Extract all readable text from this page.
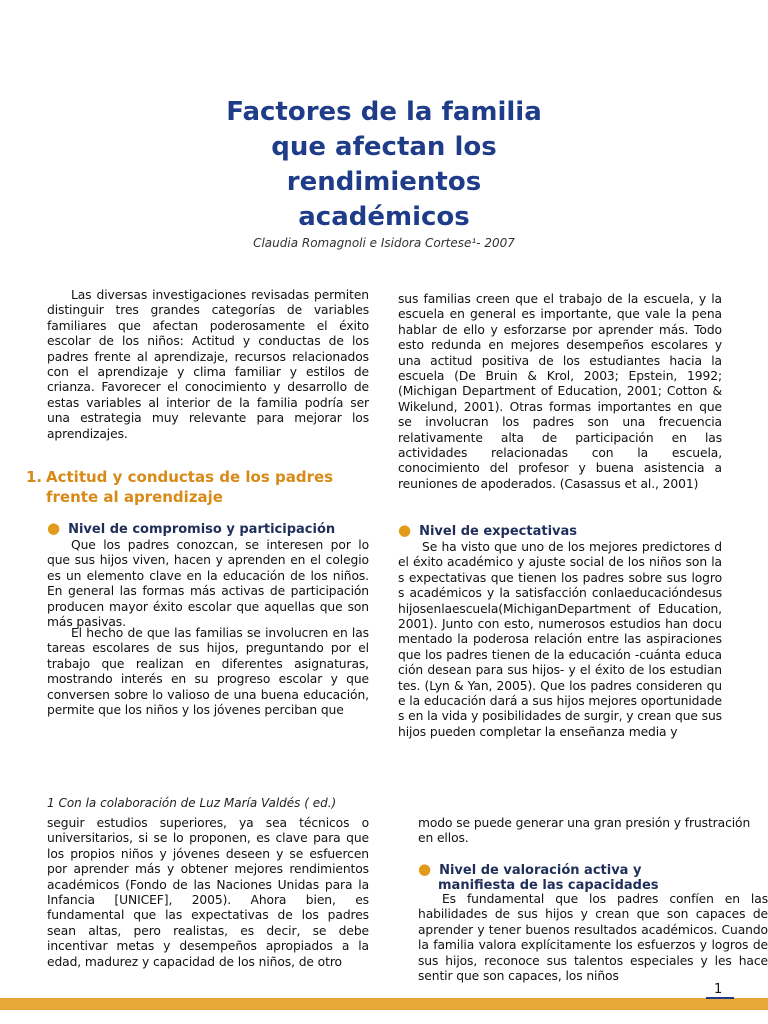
Factores de la familia
que afectan los
rendimientos
académicos
Claudia Romagnoli e Isidora Cortese¹- 2007
Las diversas investigaciones revisadas permiten distinguir tres grandes categorías de variables familiares que afectan poderosamente el éxito escolar de los niños: Actitud y conductas de los padres frente al aprendizaje, recursos relacionados con el aprendizaje y clima familiar y estilos de crianza. Favorecer el conocimiento y desarrollo de estas variables al interior de la familia podría ser una estrategia muy relevante para mejorar los aprendizajes.
1. Actitud y conductas de los padres frente al aprendizaje
● Nivel de compromiso y participación
Que los padres conozcan, se interesen por lo que sus hijos viven, hacen y aprenden en el colegio es un elemento clave en la educación de los niños. En general las formas más activas de participación producen mayor éxito escolar que aquellas que son más pasivas.
El hecho de que las familias se involucren en las tareas escolares de sus hijos, preguntando por el trabajo que realizan en diferentes asignaturas, mostrando interés en su progreso escolar y que conversen sobre lo valioso de una buena educación, permite que los niños y los jóvenes perciban que
1 Con la colaboración de Luz María Valdés ( ed.)
seguir estudios superiores, ya sea técnicos o universitarios, si se lo proponen, es clave para que los propios niños y jóvenes deseen y se esfuercen por aprender más y obtener mejores rendimientos académicos (Fondo de las Naciones Unidas para la Infancia [UNICEF], 2005). Ahora bien, es fundamental que las expectativas de los padres sean altas, pero realistas, es decir, se debe incentivar metas y desempeños apropiados a la edad, madurez y capacidad de los niños, de otro
sus familias creen que el trabajo de la escuela, y la escuela en general es importante, que vale la pena hablar de ello y esforzarse por aprender más. Todo esto redunda en mejores desempeños escolares y una actitud positiva de los estudiantes hacia la escuela (De Bruin & Krol, 2003; Epstein, 1992; (Michigan Department of Education, 2001; Cotton & Wikelund, 2001). Otras formas importantes en que se involucran los padres son una frecuencia relativamente alta de participación en las actividades relacionadas con la escuela, conocimiento del profesor y buena asistencia a reuniones de apoderados. (Casassus et al., 2001)
● Nivel de expectativas
Se ha visto que uno de los mejores predictores del éxito académico y ajuste social de los niños son las expectativas que tienen los padres sobre sus logros académicos y la satisfacción conlaeducacióndesushijosenlaescuela(MichiganDepartment of Education, 2001). Junto con esto, numerosos estudios han documentado la poderosa relación entre las aspiraciones que los padres tienen de la educación -cuánta educación desean para sus hijos- y el éxito de los estudiantes. (Lyn & Yan, 2005). Que los padres consideren que la educación dará a sus hijos mejores oportunidades en la vida y posibilidades de surgir, y crean que sus hijos pueden completar la enseñanza media y
modo se puede generar una gran presión y frustración en ellos.
● Nivel de valoración activa y
manifiesta de las capacidades
Es fundamental que los padres confíen en las habilidades de sus hijos y crean que son capaces de aprender y tener buenos resultados académicos. Cuando la familia valora explícitamente los esfuerzos y logros de sus hijos, reconoce sus talentos especiales y les hace sentir que son capaces, los niños
1
